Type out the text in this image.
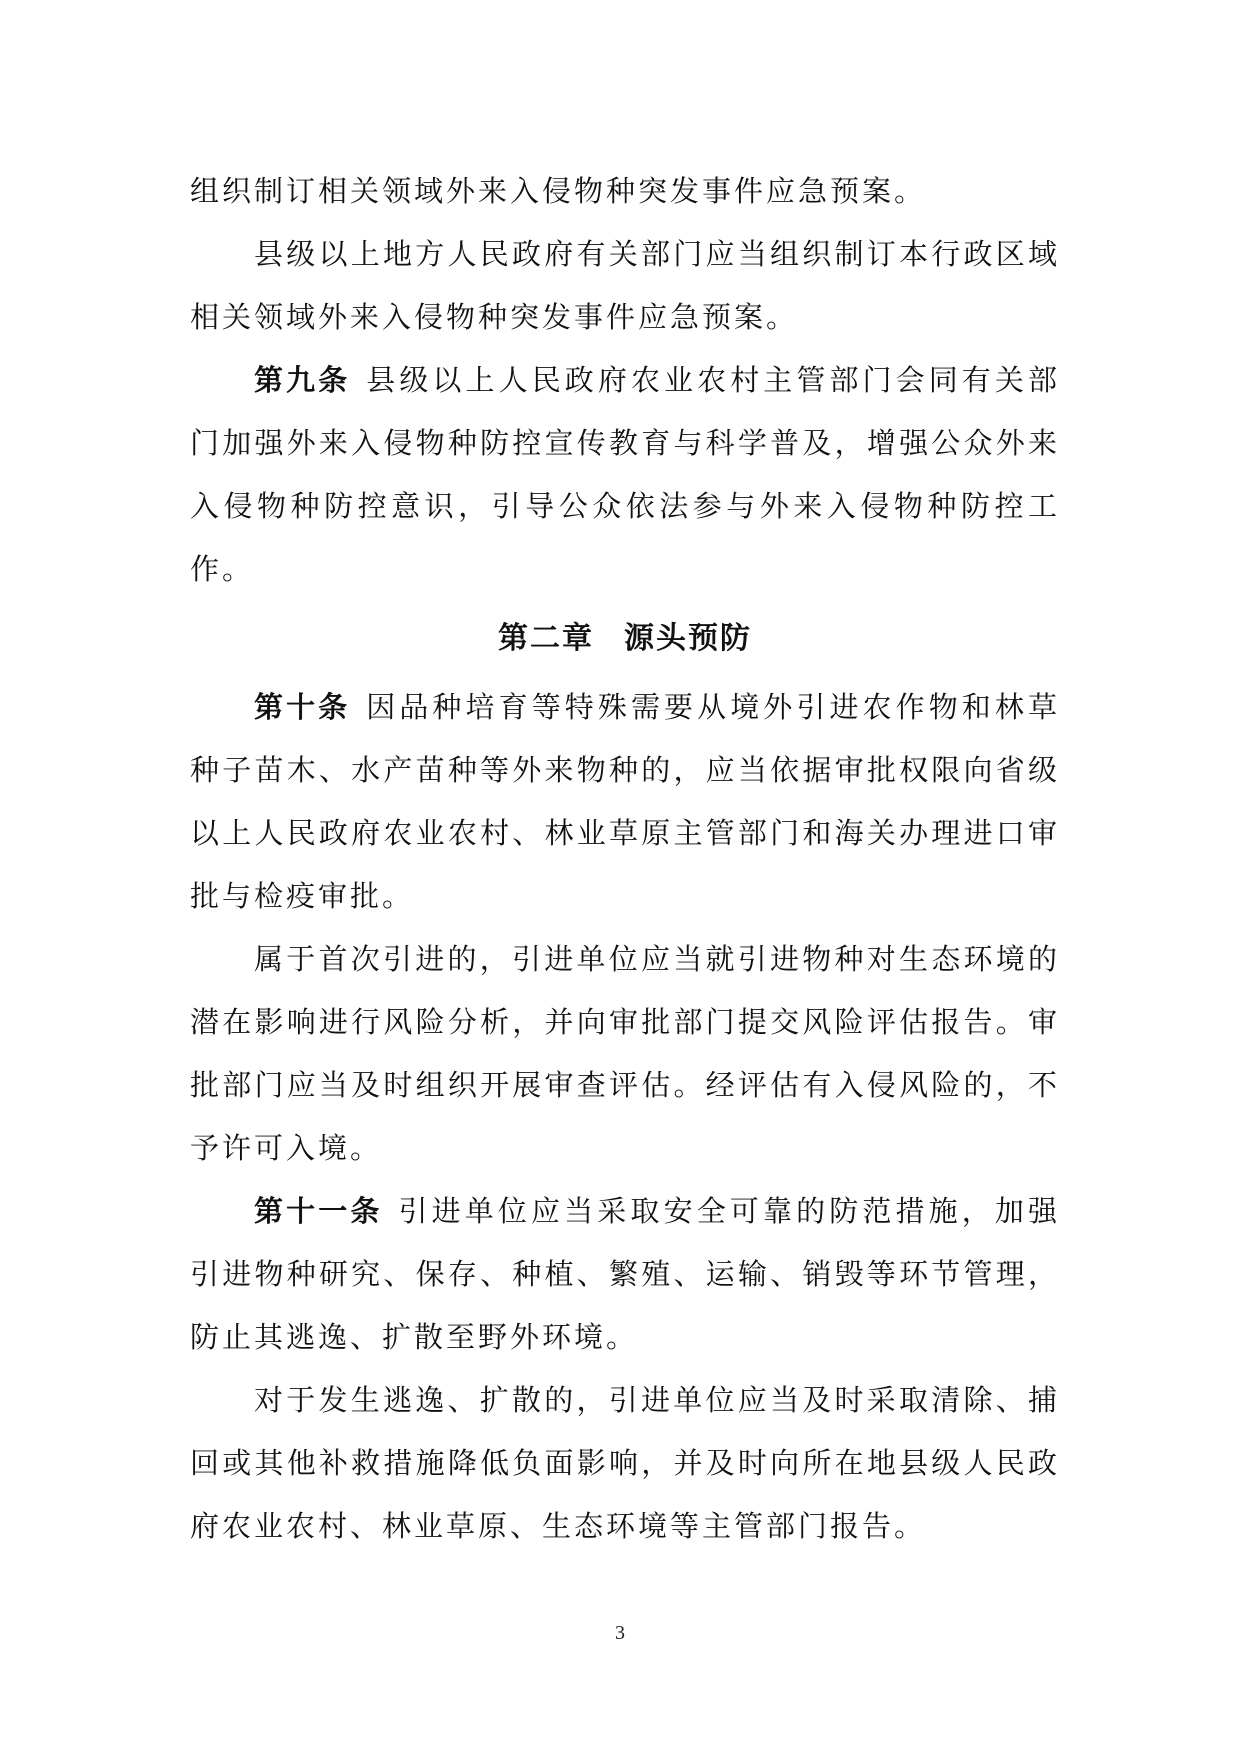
组织制订相关领域外来入侵物种突发事件应急预案。

县级以上地方人民政府有关部门应当组织制订本行政区域相关领域外来入侵物种突发事件应急预案。

第九条 县级以上人民政府农业农村主管部门会同有关部门加强外来入侵物种防控宣传教育与科学普及，增强公众外来入侵物种防控意识，引导公众依法参与外来入侵物种防控工作。

第二章 源头预防

第十条 因品种培育等特殊需要从境外引进农作物和林草种子苗木、水产苗种等外来物种的，应当依据审批权限向省级以上人民政府农业农村、林业草原主管部门和海关办理进口审批与检疫审批。

属于首次引进的，引进单位应当就引进物种对生态环境的潜在影响进行风险分析，并向审批部门提交风险评估报告。审批部门应当及时组织开展审查评估。经评估有入侵风险的，不予许可入境。

第十一条 引进单位应当采取安全可靠的防范措施，加强引进物种研究、保存、种植、繁殖、运输、销毁等环节管理，防止其逃逸、扩散至野外环境。

对于发生逃逸、扩散的，引进单位应当及时采取清除、捕回或其他补救措施降低负面影响，并及时向所在地县级人民政府农业农村、林业草原、生态环境等主管部门报告。

3
